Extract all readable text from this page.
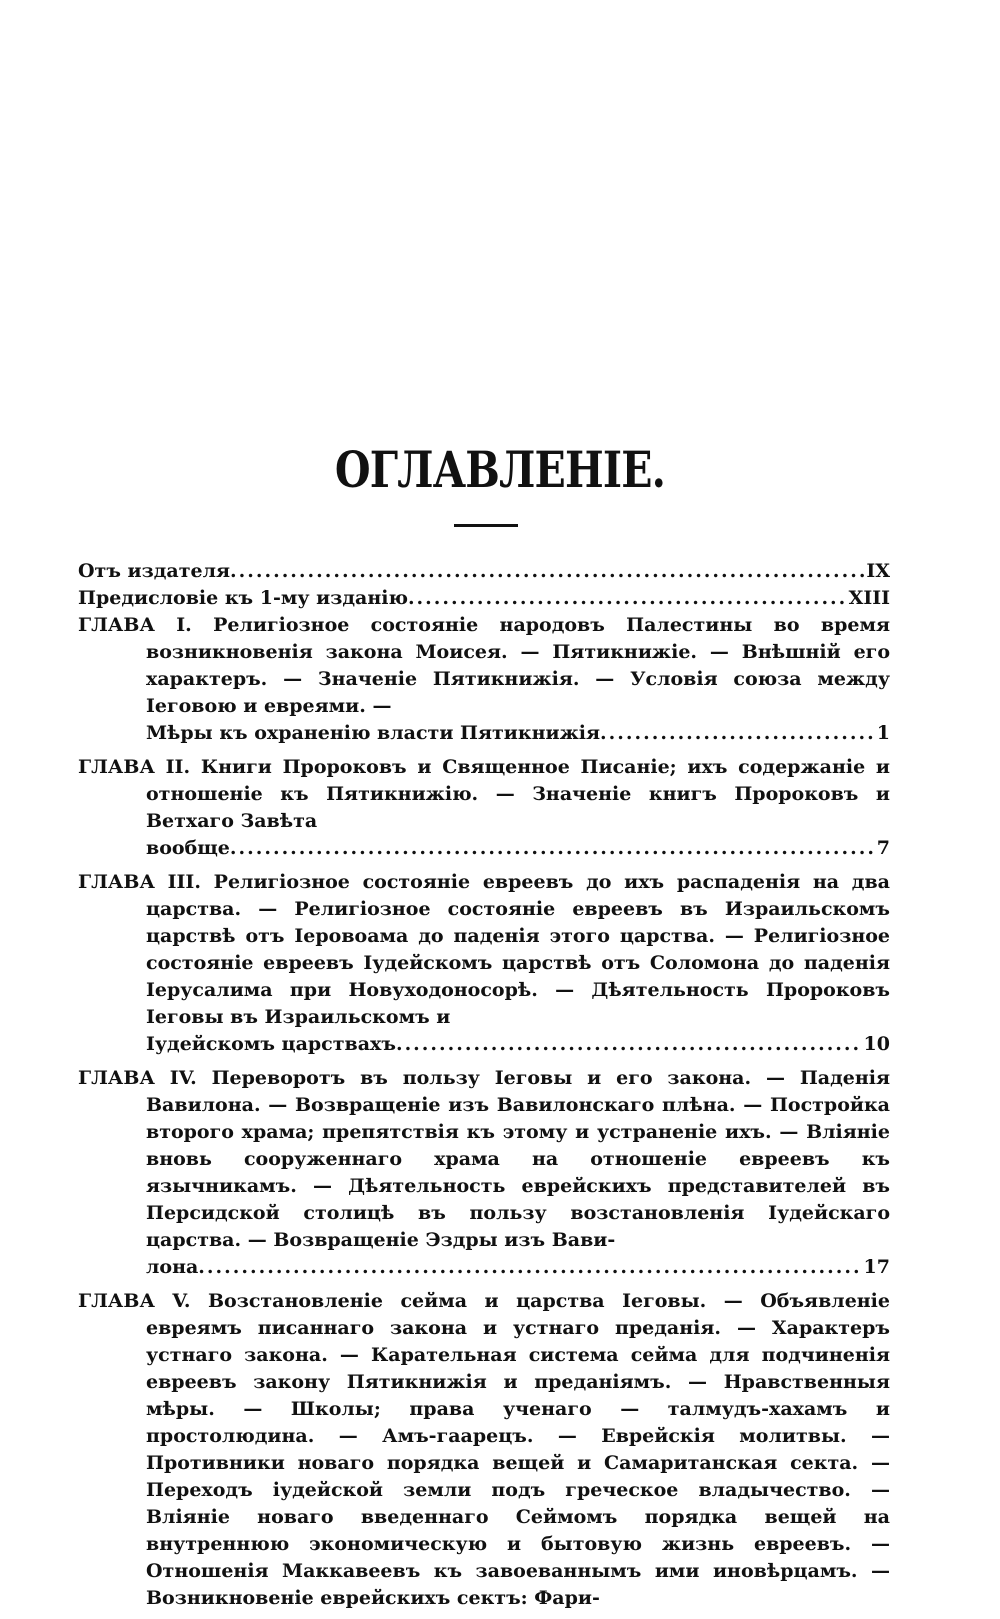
ОГЛАВЛЕНІЕ.
Отъ издателя .....	IX
Предисловіе къ 1-му изданію .....	XIII
ГЛАВА I. Религіозное состояніе народовъ Палестины во время возникновенія закона Моисея. — Пятикнижіе. — Внѣшній его характеръ. — Значеніе Пятикнижія. — Условія союза между Іеговою и евреями. —
Мѣры къ охраненію власти Пятикнижія .....	1
ГЛАВА II. Книги Пророковъ и Священное Писаніе; ихъ содержаніе и отношеніе къ Пятикнижію. — Значеніе книгъ Пророковъ и Ветхаго Завѣта
вообще .....	7
ГЛАВА III. Религіозное состояніе евреевъ до ихъ распаденія на два царства. — Религіозное состояніе евреевъ въ Израильскомъ царствѣ отъ Іеровоама до паденія этого царства. — Религіозное состояніе евреевъ Іудейскомъ царствѣ отъ Соломона до паденія Іерусалима при Новуходоносорѣ. — Дѣятельность Пророковъ Іеговы въ Израильскомъ и
Іудейскомъ царствахъ .....	10
ГЛАВА IV. Переворотъ въ пользу Іеговы и его закона. — Паденія Вавилона. — Возвращеніе изъ Вавилонскаго плѣна. — Постройка второго храма; препятствія къ этому и устраненіе ихъ. — Вліяніе вновь сооруженнаго храма на отношеніе евреевъ къ язычникамъ. — Дѣятельность еврейскихъ представителей въ Персидской столицѣ въ пользу возстановленія Іудейскаго царства. — Возвращеніе Эздры изъ Вави-
лона .....	17
ГЛАВА V. Возстановленіе сейма и царства Іеговы. — Объявленіе евреямъ писаннаго закона и устнаго преданія. — Характеръ устнаго закона. — Карательная система сейма для подчиненія евреевъ закону Пятикнижія и преданіямъ. — Нравственныя мѣры. — Школы; права ученаго — талмудъ-хахамъ и простолюдина. — Амъ-гаарецъ. — Еврейскія молитвы. — Противники новаго порядка вещей и Самаританская секта. — Переходъ іудейской земли подъ греческое владычество. — Вліяніе новаго введеннаго Сеймомъ порядка вещей на внутреннюю экономическую и бытовую жизнь евреевъ. — Отношенія Маккавеевъ къ завоеваннымъ ими иновѣрцамъ. — Возникновеніе еврейскихъ сектъ: Фари-
